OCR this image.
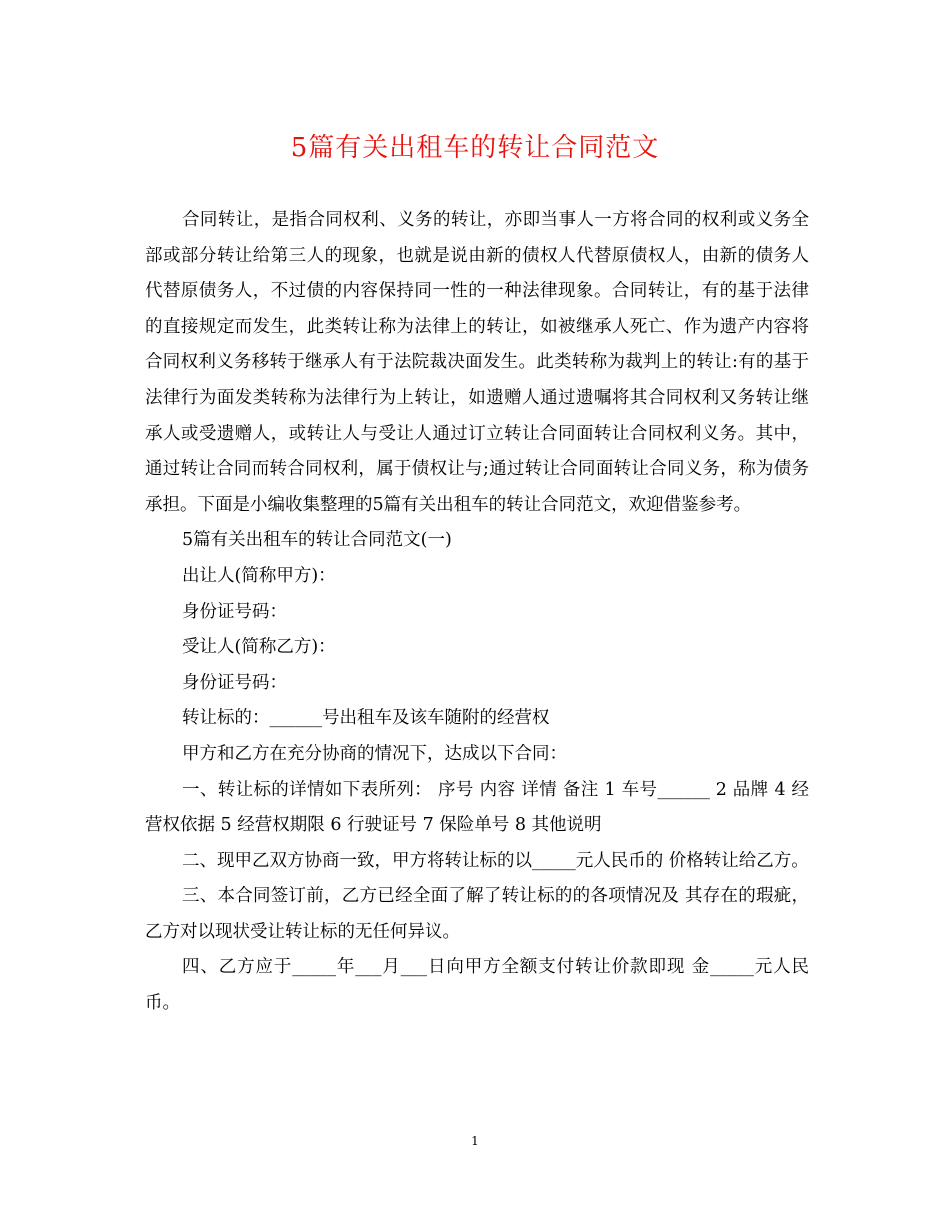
5篇有关出租车的转让合同范文

合同转让，是指合同权利、义务的转让，亦即当事人一方将合同的权利或义务全部或部分转让给第三人的现象，也就是说由新的债权人代替原债权人，由新的债务人代替原债务人，不过债的内容保持同一性的一种法律现象。合同转让，有的基于法律的直接规定而发生，此类转让称为法律上的转让，如被继承人死亡、作为遗产内容将合同权利义务移转于继承人有于法院裁决面发生。此类转称为裁判上的转让:有的基于法律行为面发类转称为法律行为上转让，如遗赠人通过遗嘱将其合同权利又务转让继承人或受遗赠人，或转让人与受让人通过订立转让合同面转让合同权利义务。其中，通过转让合同而转合同权利，属于债权让与;通过转让合同面转让合同义务，称为债务承担。下面是小编收集整理的5篇有关出租车的转让合同范文，欢迎借鉴参考。

5篇有关出租车的转让合同范文(一)

出让人(简称甲方)：

身份证号码：

受让人(简称乙方)：

身份证号码：

转让标的：______号出租车及该车随附的经营权

甲方和乙方在充分协商的情况下，达成以下合同：

一、转让标的详情如下表所列： 序号 内容 详情 备注 1 车号______ 2 品牌 4 经营权依据 5 经营权期限 6 行驶证号 7 保险单号 8 其他说明

二、现甲乙双方协商一致，甲方将转让标的以_____元人民币的 价格转让给乙方。

三、本合同签订前，乙方已经全面了解了转让标的的各项情况及 其存在的瑕疵，乙方对以现状受让转让标的无任何异议。

四、乙方应于_____年___月___日向甲方全额支付转让价款即现 金_____元人民币。

1
